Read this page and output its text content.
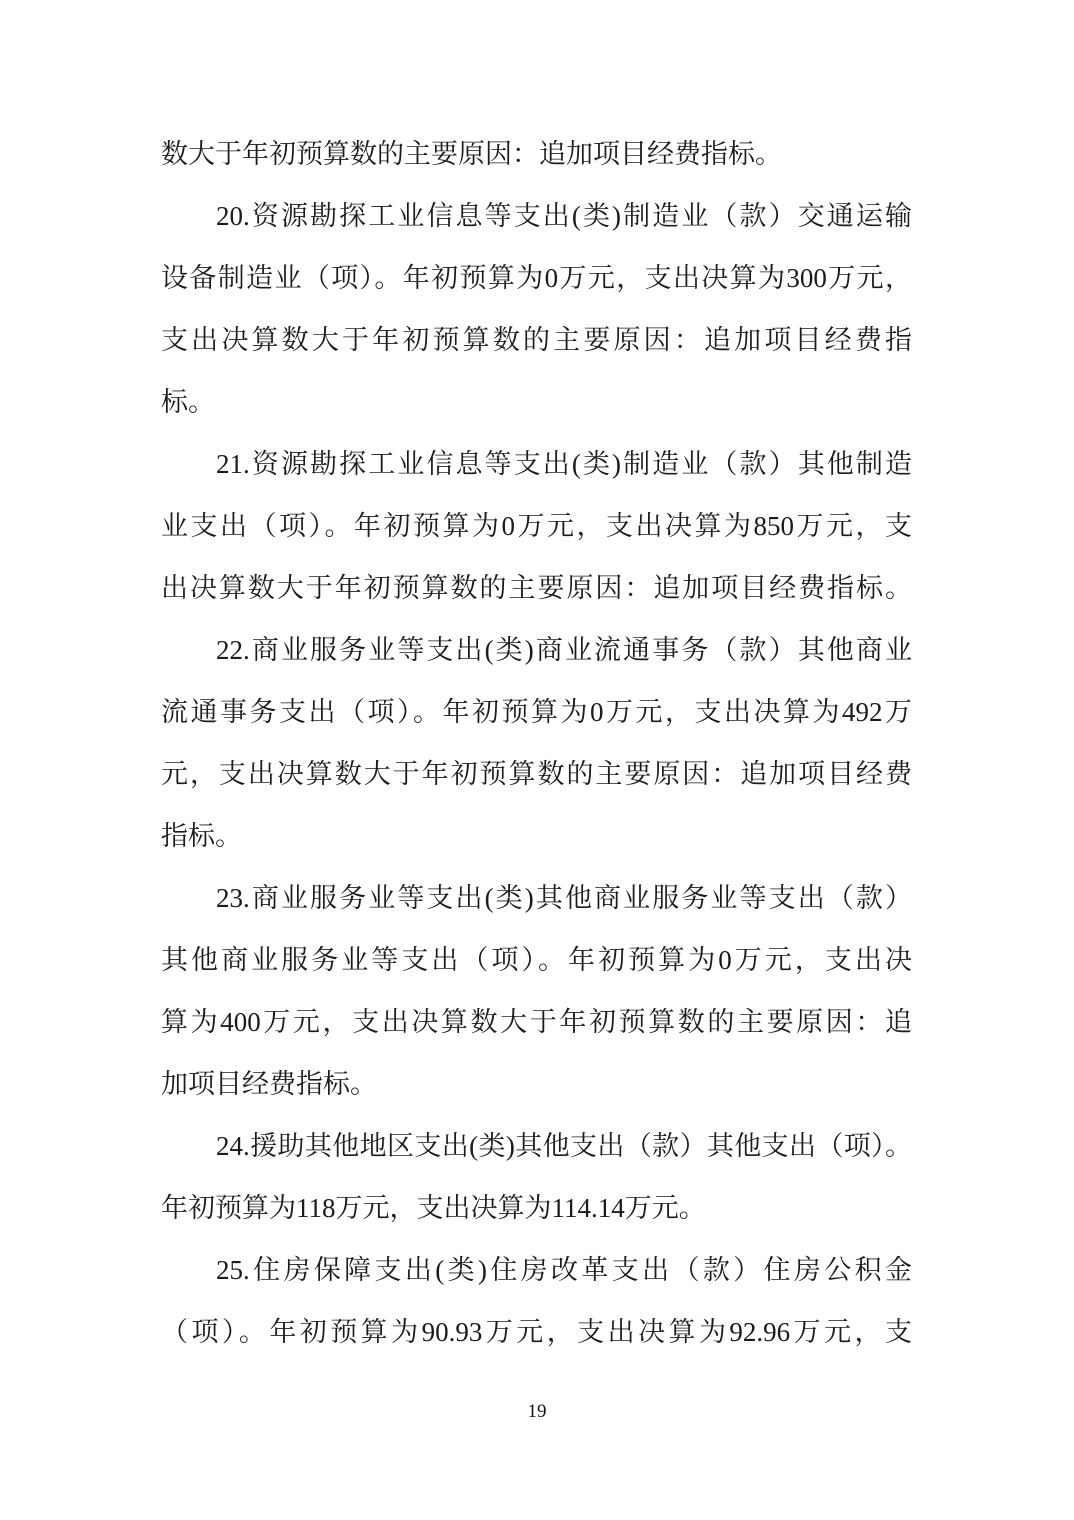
数大于年初预算数的主要原因：追加项目经费指标。
20.资源勘探工业信息等支出(类)制造业（款）交通运输
设备制造业（项）。年初预算为0万元，支出决算为300万元，
支出决算数大于年初预算数的主要原因：追加项目经费指
标。
21.资源勘探工业信息等支出(类)制造业（款）其他制造
业支出（项）。年初预算为0万元，支出决算为850万元，支
出决算数大于年初预算数的主要原因：追加项目经费指标。
22.商业服务业等支出(类)商业流通事务（款）其他商业
流通事务支出（项）。年初预算为0万元，支出决算为492万
元，支出决算数大于年初预算数的主要原因：追加项目经费
指标。
23.商业服务业等支出(类)其他商业服务业等支出（款）
其他商业服务业等支出（项）。年初预算为0万元，支出决
算为400万元，支出决算数大于年初预算数的主要原因：追
加项目经费指标。
24.援助其他地区支出(类)其他支出（款）其他支出（项）。
年初预算为118万元，支出决算为114.14万元。
25.住房保障支出(类)住房改革支出（款）住房公积金
（项）。年初预算为90.93万元，支出决算为92.96万元，支
19
